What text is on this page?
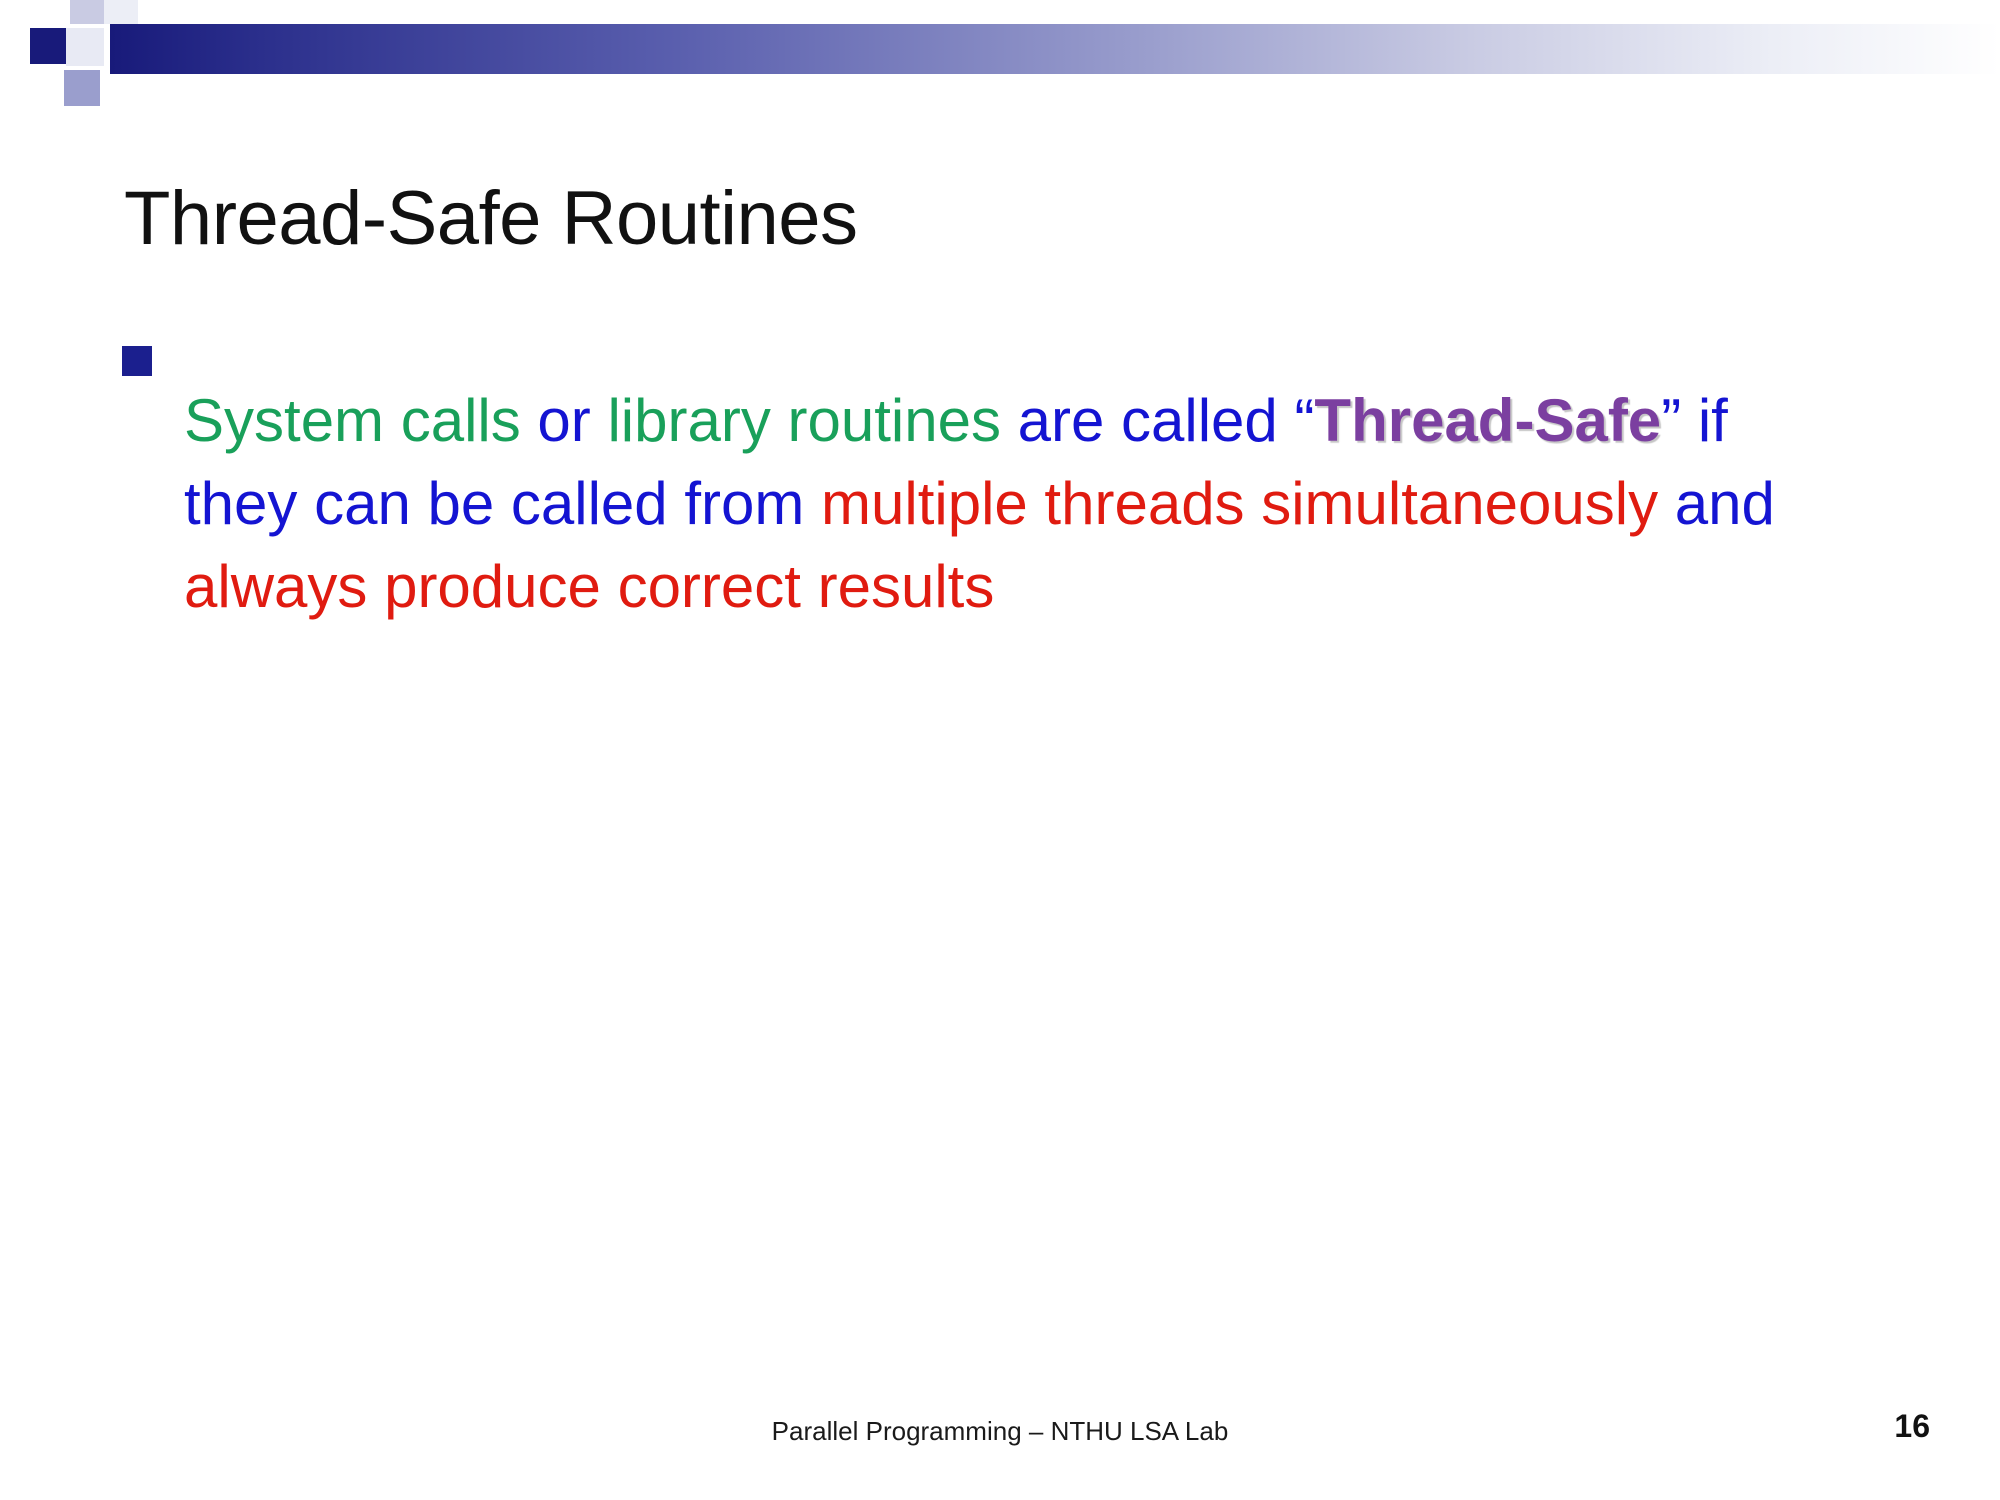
Thread-Safe Routines

System calls or library routines are called “Thread-Safe” if they can be called from multiple threads simultaneously and always produce correct results

Parallel Programming – NTHU LSA Lab	16
